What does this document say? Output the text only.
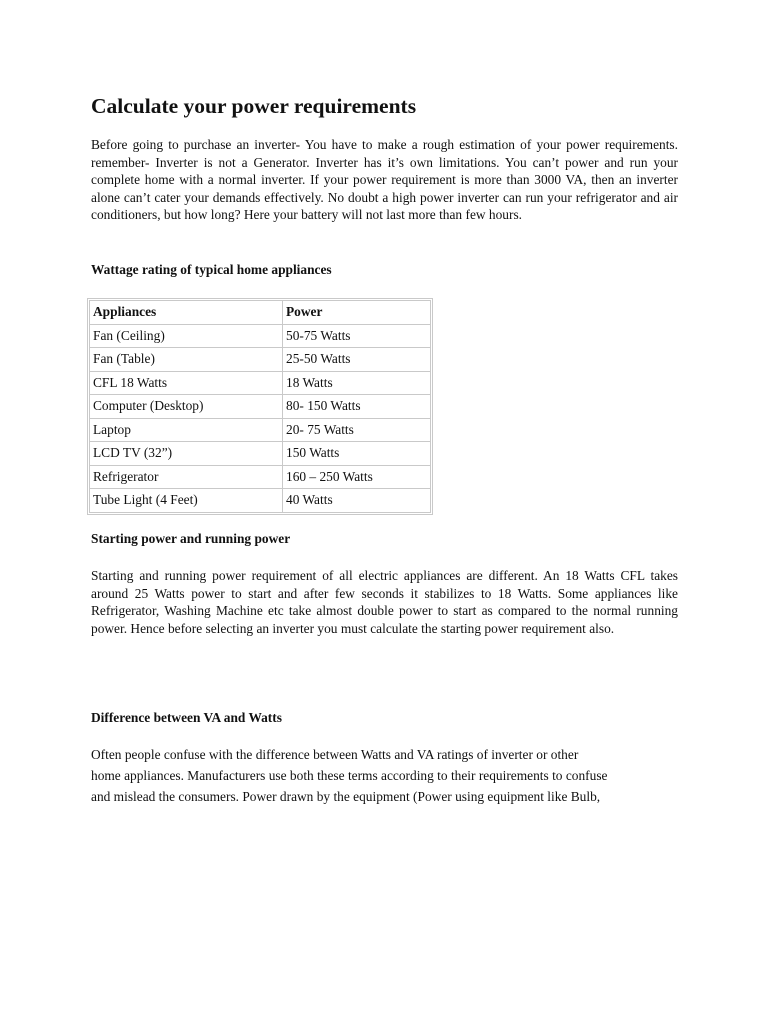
Calculate your power requirements

Before going to purchase an inverter- You have to make a rough estimation of your power requirements. remember- Inverter is not a Generator. Inverter has it’s own limitations. You can’t power and run your complete home with a normal inverter. If your power requirement is more than 3000 VA, then an inverter alone can’t cater your demands effectively. No doubt a high power inverter can run your refrigerator and air conditioners, but how long? Here your battery will not last more than few hours.

Wattage rating of typical home appliances
Appliances	Power
Fan (Ceiling)	50-75 Watts
Fan (Table)	25-50 Watts
CFL 18 Watts	18 Watts
Computer (Desktop)	80- 150 Watts
Laptop	20- 75 Watts
LCD TV (32”)	150 Watts
Refrigerator	160 – 250 Watts
Tube Light (4 Feet)	40 Watts
Starting power and running power

Starting and running power requirement of all electric appliances are different. An 18 Watts CFL takes around 25 Watts power to start and after few seconds it stabilizes to 18 Watts. Some appliances like Refrigerator, Washing Machine etc take almost double power to start as compared to the normal running power. Hence before selecting an inverter you must calculate the starting power requirement also.

Difference between VA and Watts
Often people confuse with the difference between Watts and VA ratings of inverter or other
home appliances. Manufacturers use both these terms according to their requirements to confuse
and mislead the consumers. Power drawn by the equipment (Power using equipment like Bulb,
